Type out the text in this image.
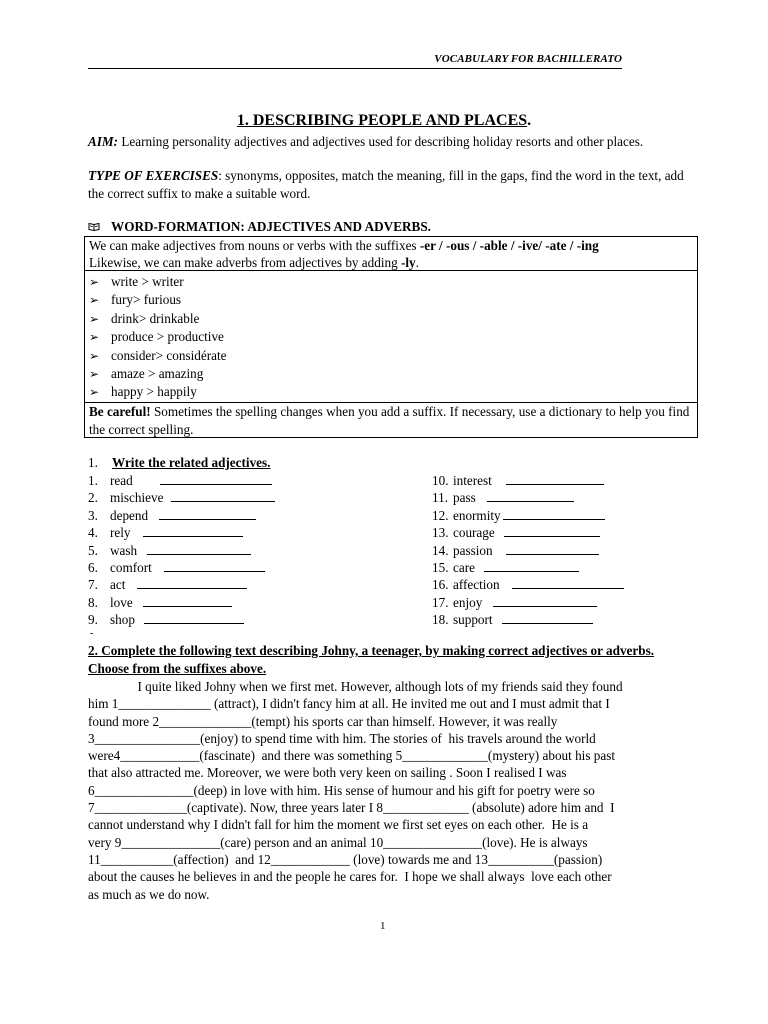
VOCABULARY FOR BACHILLERATO
1. DESCRIBING PEOPLE AND PLACES.
AIM: Learning personality adjectives and adjectives used for describing holiday resorts and other places.
TYPE OF EXERCISES: synonyms, opposites, match the meaning, fill in the gaps, find the word in the text, add the correct suffix to make a suitable word.
WORD-FORMATION: ADJECTIVES AND ADVERBS.
We can make adjectives from nouns or verbs with the suffixes -er / -ous / -able / -ive/ -ate / -ing
Likewise, we can make adverbs from adjectives by adding -ly.
➢ write > writer
➢ fury> furious
➢ drink> drinkable
➢ produce > productive
➢ consider> considérate
➢ amaze > amazing
➢ happy > happily
Be careful! Sometimes the spelling changes when you add a suffix. If necessary, use a dictionary to help you find the correct spelling.
1. Write the related adjectives.
1. read
2. mischieve
3. depend
4. rely
5. wash
6. comfort
7. act
8. love
9. shop
10. interest
11. pass
12. enormity
13. courage
14. passion
15. care
16. affection
17. enjoy
18. support
-
2. Complete the following text describing Johny, a teenager, by making correct adjectives or adverbs. Choose from the suffixes above.
I quite liked Johny when we first met. However, although lots of my friends said they found
him 1______________ (attract), I didn't fancy him at all. He invited me out and I must admit that I
found more 2______________(tempt) his sports car than himself. However, it was really
3________________(enjoy) to spend time with him. The stories of  his travels around the world
were4____________(fascinate)  and there was something 5_____________(mystery) about his past
that also attracted me. Moreover, we were both very keen on sailing . Soon I realised I was
6_______________(deep) in love with him. His sense of humour and his gift for poetry were so
7______________(captivate). Now, three years later I 8_____________ (absolute) adore him and  I
cannot understand why I didn't fall for him the moment we first set eyes on each other.  He is a
very 9_______________(care) person and an animal 10_______________(love). He is always
11___________(affection)  and 12____________ (love) towards me and 13__________(passion)
about the causes he believes in and the people he cares for.  I hope we shall always  love each other
as much as we do now.
1
